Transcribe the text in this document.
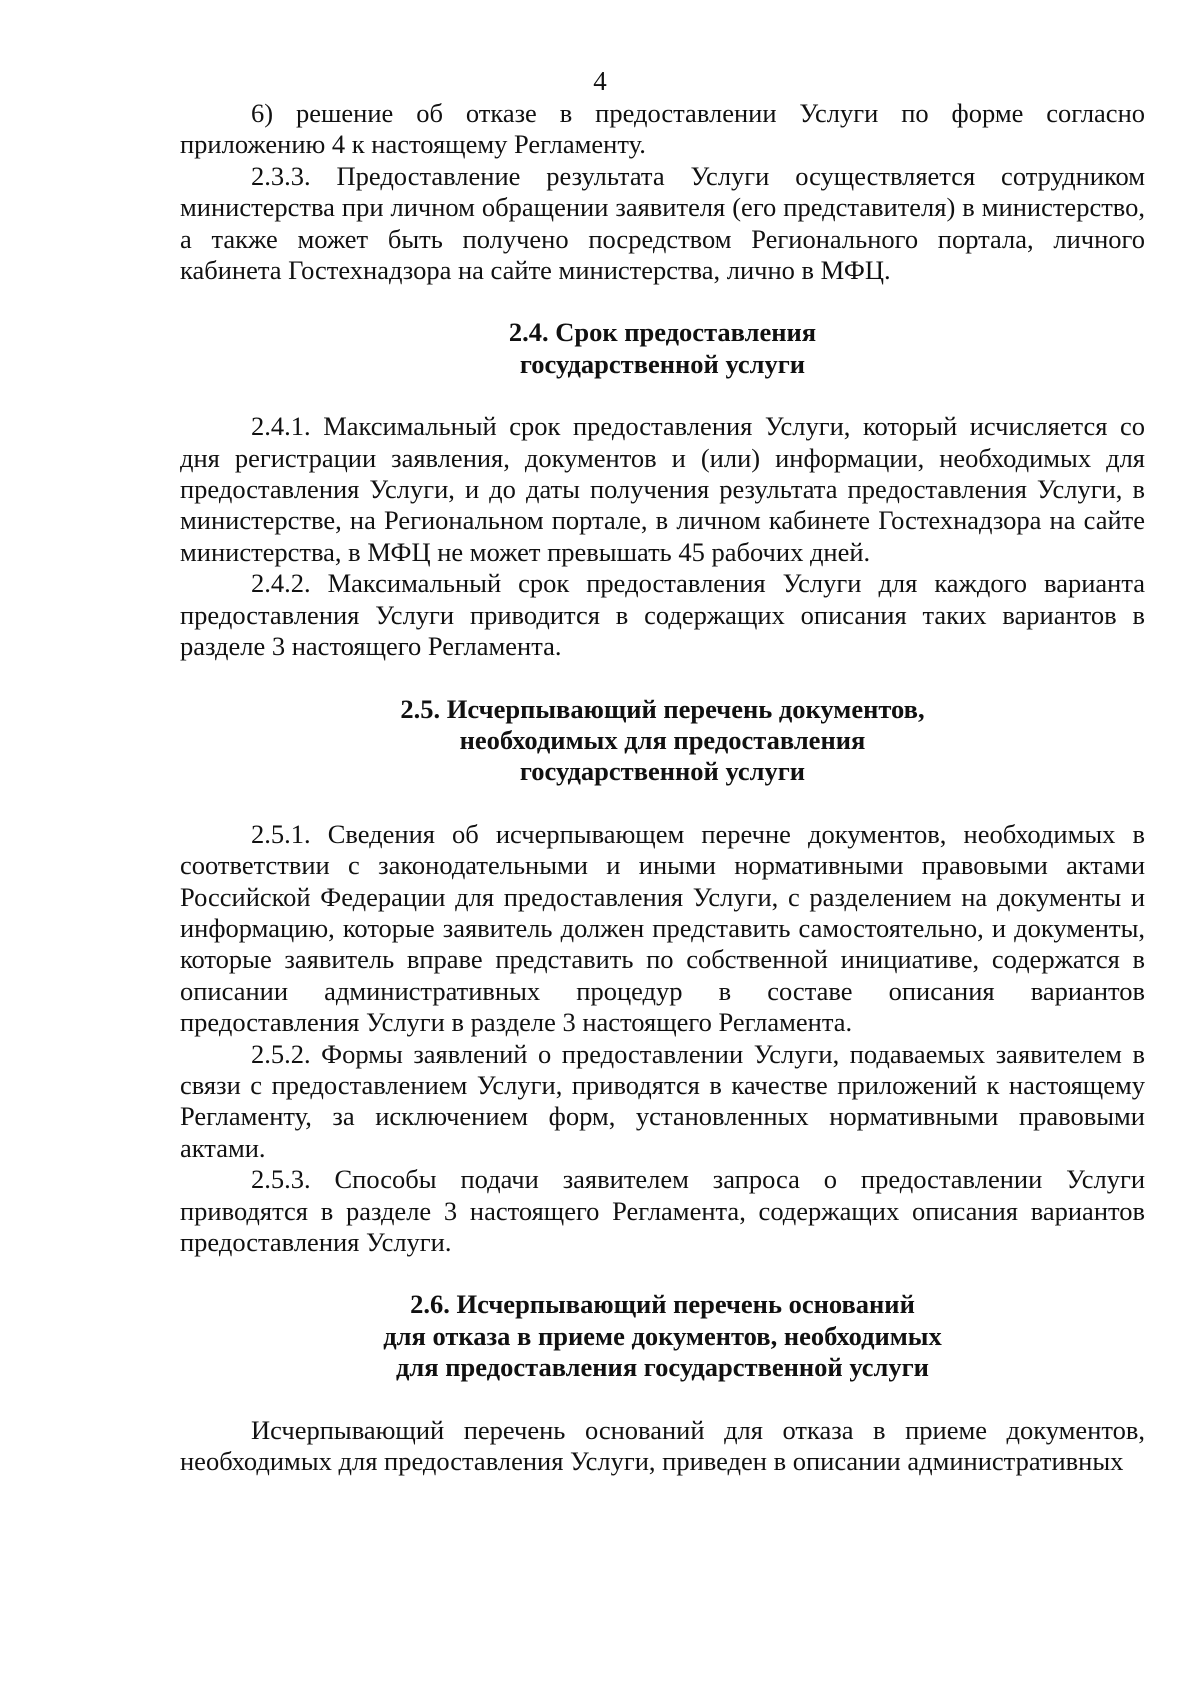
4

6) решение об отказе в предоставлении Услуги по форме согласно приложению 4 к настоящему Регламенту.

2.3.3. Предоставление результата Услуги осуществляется сотрудником министерства при личном обращении заявителя (его представителя) в министерство, а также может быть получено посредством Регионального портала, личного кабинета Гостехнадзора на сайте министерства, лично в МФЦ.

2.4. Срок предоставления
государственной услуги

2.4.1. Максимальный срок предоставления Услуги, который исчисляется со дня регистрации заявления, документов и (или) информации, необходимых для предоставления Услуги, и до даты получения результата предоставления Услуги, в министерстве, на Региональном портале, в личном кабинете Гостехнадзора на сайте министерства, в МФЦ не может превышать 45 рабочих дней.

2.4.2. Максимальный срок предоставления Услуги для каждого варианта предоставления Услуги приводится в содержащих описания таких вариантов в разделе 3 настоящего Регламента.

2.5. Исчерпывающий перечень документов,
необходимых для предоставления
государственной услуги

2.5.1. Сведения об исчерпывающем перечне документов, необходимых в соответствии с законодательными и иными нормативными правовыми актами Российской Федерации для предоставления Услуги, с разделением на документы и информацию, которые заявитель должен представить самостоятельно, и документы, которые заявитель вправе представить по собственной инициативе, содержатся в описании административных процедур в составе описания вариантов предоставления Услуги в разделе 3 настоящего Регламента.

2.5.2. Формы заявлений о предоставлении Услуги, подаваемых заявителем в связи с предоставлением Услуги, приводятся в качестве приложений к настоящему Регламенту, за исключением форм, установленных нормативными правовыми актами.

2.5.3. Способы подачи заявителем запроса о предоставлении Услуги приводятся в разделе 3 настоящего Регламента, содержащих описания вариантов предоставления Услуги.

2.6. Исчерпывающий перечень оснований
для отказа в приеме документов, необходимых
для предоставления государственной услуги

Исчерпывающий перечень оснований для отказа в приеме документов, необходимых для предоставления Услуги, приведен в описании административных
